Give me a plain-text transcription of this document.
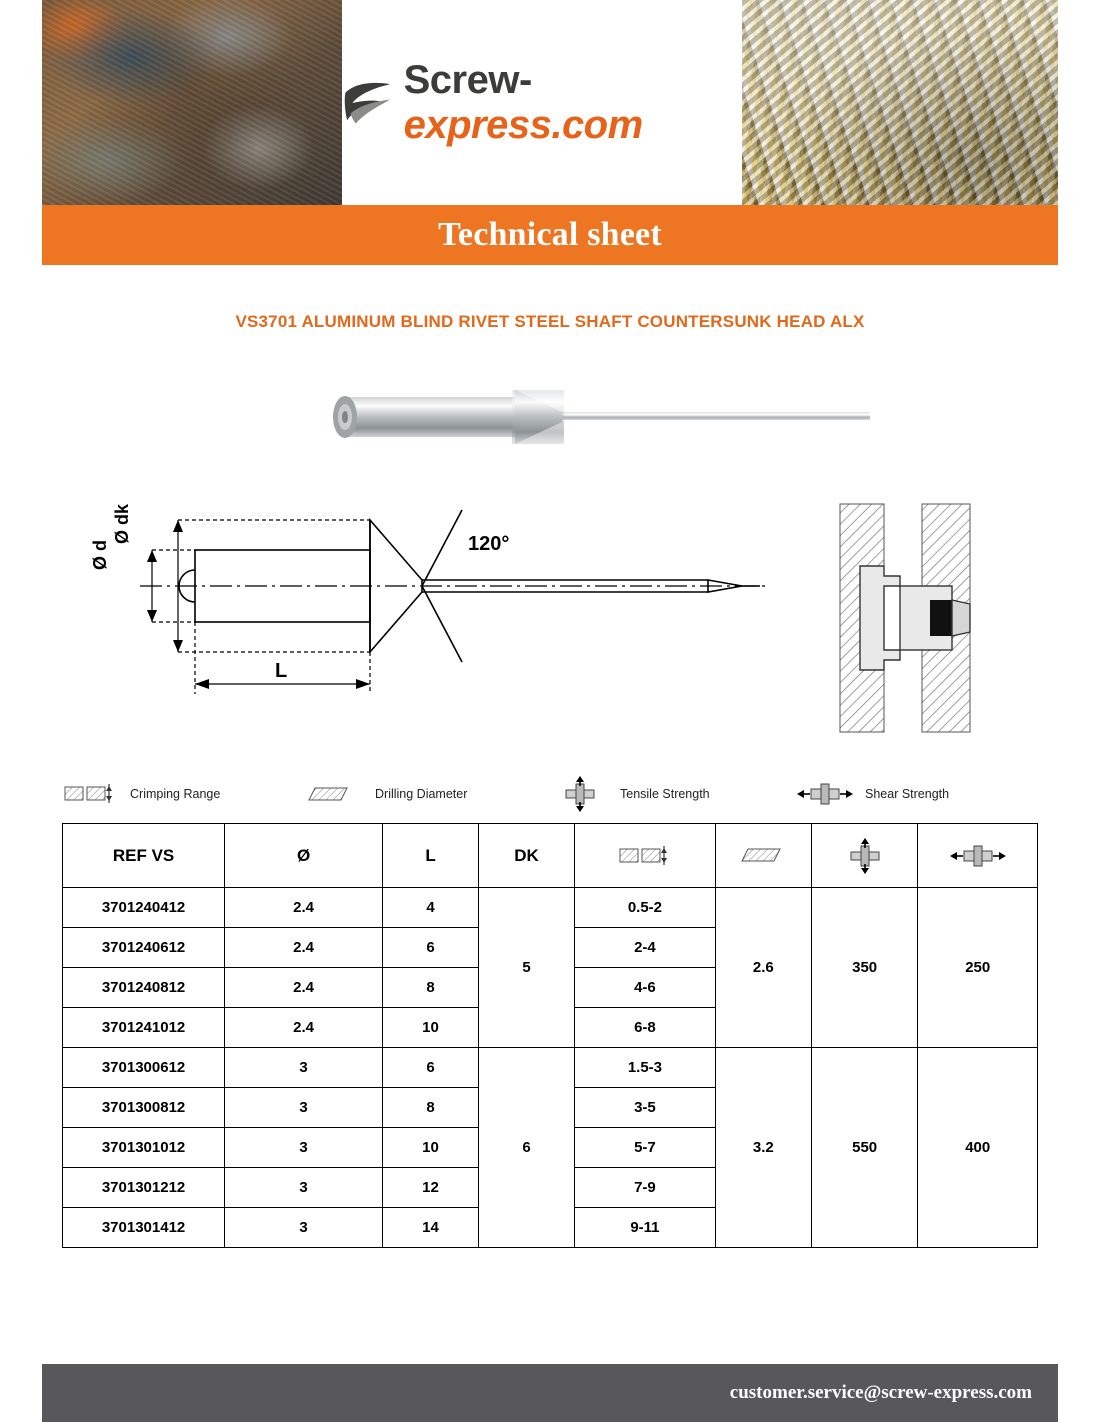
Screw-express.com
Technical sheet
VS3701 ALUMINUM BLIND RIVET STEEL SHAFT COUNTERSUNK HEAD ALX
Ø dk
Ø d	120°
L
Crimping Range	Drilling Diameter	Tensile Strength	Shear Strength
REF VS	Ø	L	DK	

3701240412	2.4	4	5	0.5-2	2.6	350	250
3701240612	2.4	6		2-4			
3701240812	2.4	8		4-6			
3701241012	2.4	10		6-8			
3701300612	3	6	6	1.5-3	3.2	550	400
3701300812	3	8		3-5			
3701301012	3	10		5-7			
3701301212	3	12		7-9			
3701301412	3	14		9-11			
customer.service@screw-express.com
